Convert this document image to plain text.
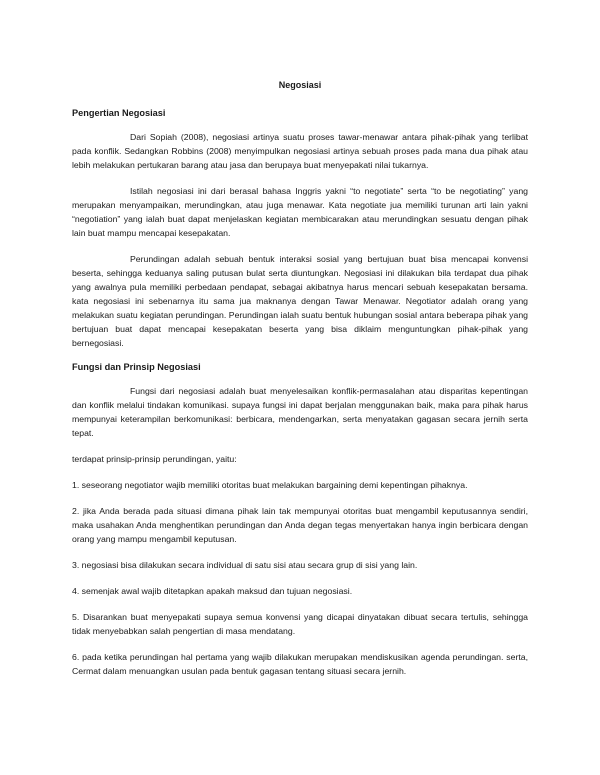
Negosiasi
Pengertian Negosiasi

Dari Sopiah (2008), negosiasi artinya suatu proses tawar-menawar antara pihak-pihak yang terlibat pada konflik. Sedangkan Robbins (2008) menyimpulkan negosiasi artinya sebuah proses pada mana dua pihak atau lebih melakukan pertukaran barang atau jasa dan berupaya buat menyepakati nilai tukarnya.

Istilah negosiasi ini dari berasal bahasa Inggris yakni “to negotiate” serta “to be negotiating” yang merupakan menyampaikan, merundingkan, atau juga menawar. Kata negotiate jua memiliki turunan arti lain yakni “negotiation” yang ialah buat dapat menjelaskan kegiatan membicarakan atau merundingkan sesuatu dengan pihak lain buat mampu mencapai kesepakatan.

Perundingan adalah sebuah bentuk interaksi sosial yang bertujuan buat bisa mencapai konvensi beserta, sehingga keduanya saling putusan bulat serta diuntungkan. Negosiasi ini dilakukan bila terdapat dua pihak yang awalnya pula memiliki perbedaan pendapat, sebagai akibatnya harus mencari sebuah kesepakatan bersama. kata negosiasi ini sebenarnya itu sama jua maknanya dengan Tawar Menawar. Negotiator adalah orang yang melakukan suatu kegiatan perundingan. Perundingan ialah suatu bentuk hubungan sosial antara beberapa pihak yang bertujuan buat dapat mencapai kesepakatan beserta yang bisa diklaim menguntungkan pihak-pihak yang bernegosiasi.

Fungsi dan Prinsip Negosiasi

Fungsi dari negosiasi adalah buat menyelesaikan konflik-permasalahan atau disparitas kepentingan dan konflik melalui tindakan komunikasi. supaya fungsi ini dapat berjalan menggunakan baik, maka para pihak harus mempunyai keterampilan berkomunikasi: berbicara, mendengarkan, serta menyatakan gagasan secara jernih serta tepat.

terdapat prinsip-prinsip perundingan, yaitu:

1. seseorang negotiator wajib memiliki otoritas buat melakukan bargaining demi kepentingan pihaknya.

2. jika Anda berada pada situasi dimana pihak lain tak mempunyai otoritas buat mengambil keputusannya sendiri, maka usahakan Anda menghentikan perundingan dan Anda degan tegas menyertakan hanya ingin berbicara dengan orang yang mampu mengambil keputusan.

3. negosiasi bisa dilakukan secara individual di satu sisi atau secara grup di sisi yang lain.

4. semenjak awal wajib ditetapkan apakah maksud dan tujuan negosiasi.

5. Disarankan buat menyepakati supaya semua konvensi yang dicapai dinyatakan dibuat secara tertulis, sehingga tidak menyebabkan salah pengertian di masa mendatang.

6. pada ketika perundingan hal pertama yang wajib dilakukan merupakan mendiskusikan agenda perundingan. serta, Cermat dalam menuangkan usulan pada bentuk gagasan tentang situasi secara jernih.
